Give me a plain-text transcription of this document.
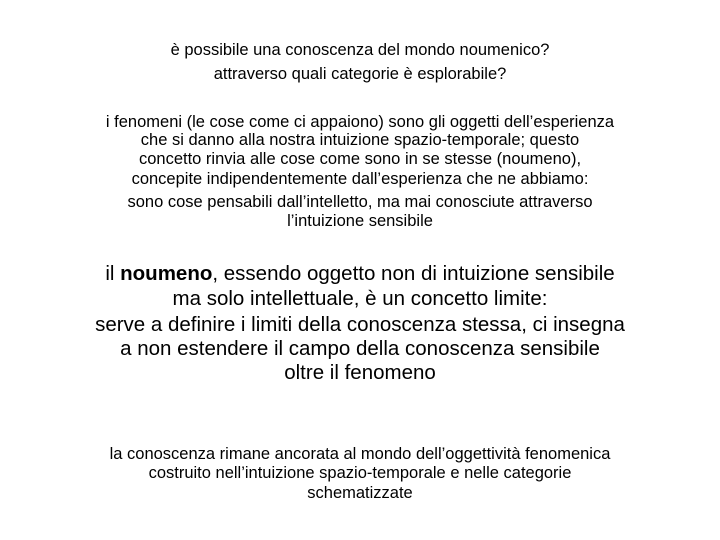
è possibile una conoscenza del mondo noumenico?

attraverso quali categorie è esplorabile?

i fenomeni (le cose come ci appaiono) sono gli oggetti dell’esperienza

che si danno alla nostra intuizione spazio-temporale; questo

concetto rinvia alle cose come sono in se stesse (noumeno),

concepite indipendentemente dall’esperienza che ne abbiamo:

sono cose pensabili dall’intelletto, ma mai conosciute attraverso

l’intuizione sensibile

il noumeno, essendo oggetto non di intuizione sensibile

ma solo intellettuale, è un concetto limite:

serve a definire i limiti della conoscenza stessa, ci insegna

a non estendere il campo della conoscenza sensibile

oltre il fenomeno

la conoscenza rimane ancorata al mondo dell’oggettività fenomenica

costruito nell’intuizione spazio-temporale e nelle categorie

schematizzate
